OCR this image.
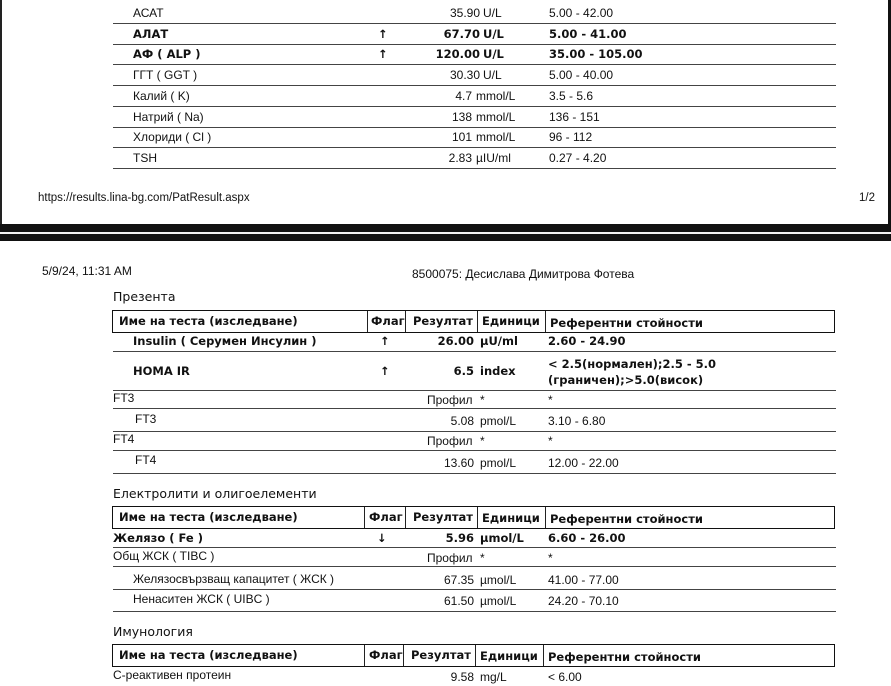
АСАТ	35.90 U/L	5.00 - 42.00
АЛАТ	↑	67.70 U/L	5.00 - 41.00
АФ ( ALP )	↑	120.00 U/L	35.00 - 105.00
ГГТ ( GGT )	30.30 U/L	5.00 - 40.00
Калий ( K)	4.7 mmol/L	3.5 - 5.6
Натрий ( Na)	138 mmol/L	136 - 151
Хлориди ( Cl )	101 mmol/L	96 - 112
TSH	2.83 µIU/ml	0.27 - 4.20
https://results.lina-bg.com/PatResult.aspx	1/2
5/9/24, 11:31 AM	8500075: Десислава Димитрова Фотева
Презента
Име на теста (изследване)	Флаг Резултат Единици Референтни стойности
Insulin ( Серумен Инсулин )	↑	26.00 µU/ml	2.60 - 24.90
HOMA IR	↑	6.5 index	< 2.5(нормален);2.5 - 5.0
(граничен);>5.0(висок)
FT3	Профил *	*
FT3	5.08 pmol/L	3.10 - 6.80
FT4	Профил *	*
FT4	13.60 pmol/L	12.00 - 22.00
Електролити и олигоелементи
Име на теста (изследване)	Флаг Резултат Единици Референтни стойности
Желязо ( Fe )	↓	5.96 µmol/L 6.60 - 26.00
Общ ЖСК ( TIBC )	Профил *	*
Желязосвързващ капацитет ( ЖСК )	67.35 µmol/L	41.00 - 77.00
Ненаситен ЖСК ( UIBC )	61.50 µmol/L	24.20 - 70.10
Имунология
Име на теста (изследване)	Флаг Резултат Единици Референтни стойности
С-реактивен протеин	9.58 mg/L	< 6.00
